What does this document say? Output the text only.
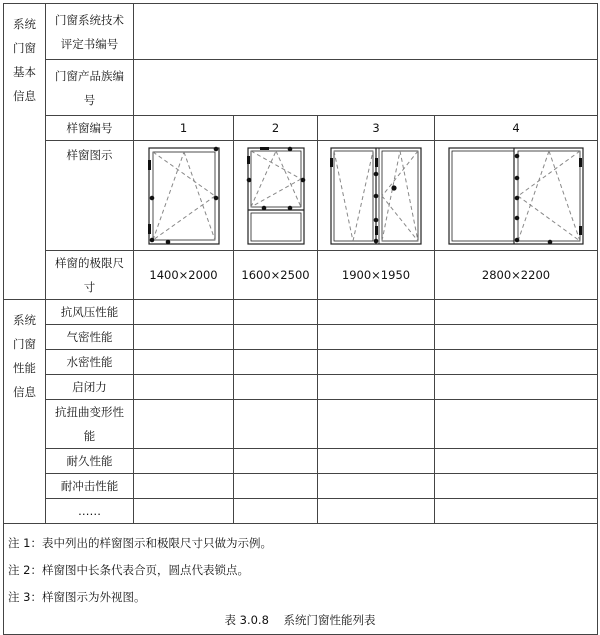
系统
门窗
基本
信息	门窗系统技术
评定书编号				
	门窗产品族编
号				
	样窗编号	1	2	3	4
	样窗图示	

	样窗的极限尺
寸	1400×2000	1600×2500	1900×1950	2800×2200
系统
门窗
性能
信息	抗风压性能				
	气密性能				
	水密性能				
	启闭力				
	抗扭曲变形性
能				
	耐久性能				
	耐冲击性能				
	……				

注 1：表中列出的样窗图示和极限尺寸只做为示例。
注 2：样窗图中长条代表合页，圆点代表锁点。
注 3：样窗图示为外视图。					
表 3.0.8    系统门窗性能列表
